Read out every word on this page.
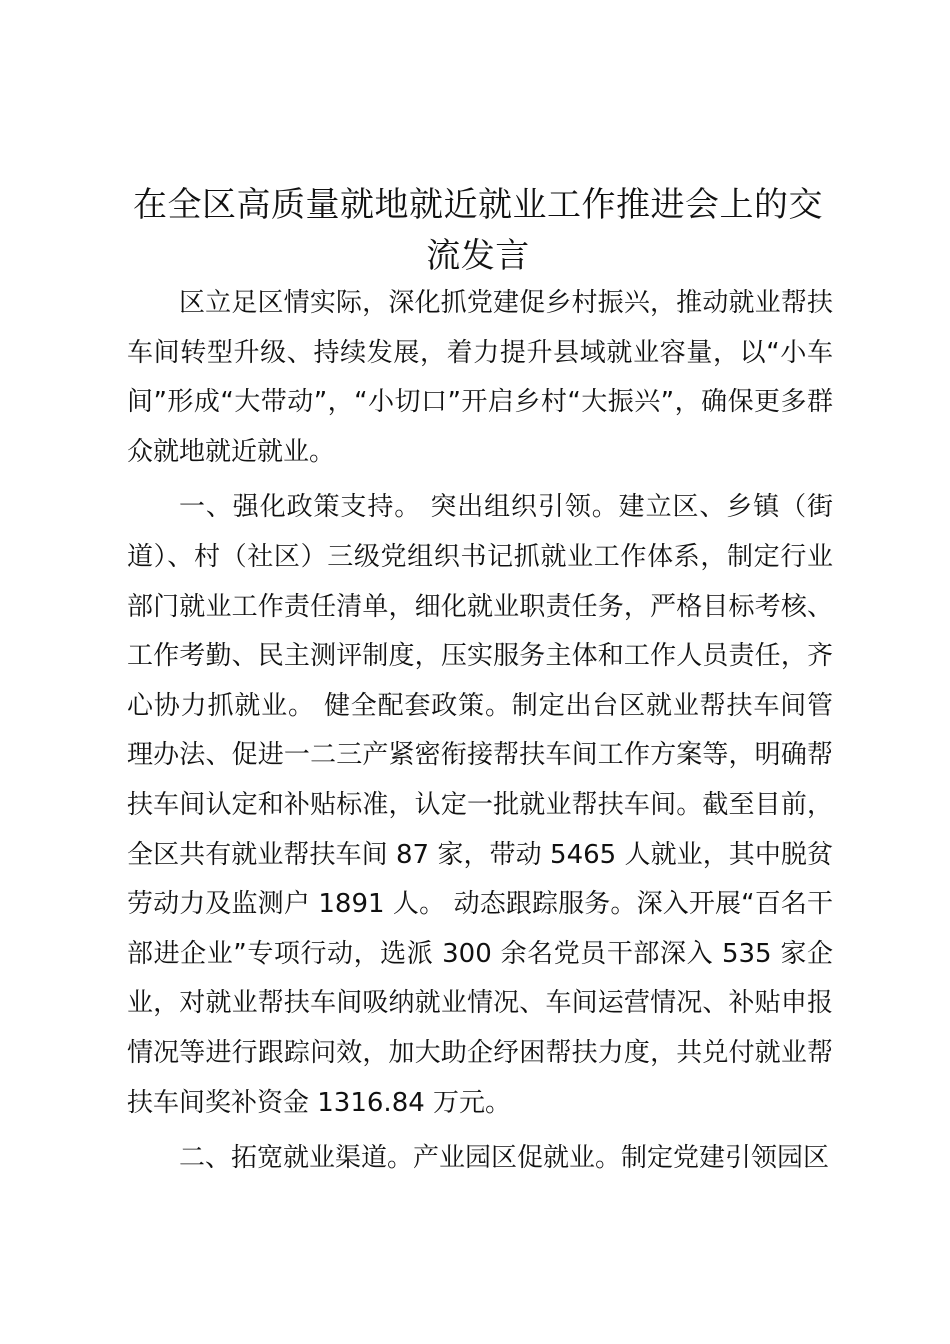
在全区高质量就地就近就业工作推进会上的交流发言

区立足区情实际，深化抓党建促乡村振兴，推动就业帮扶车间转型升级、持续发展，着力提升县域就业容量，以“小车间”形成“大带动”，“小切口”开启乡村“大振兴”，确保更多群众就地就近就业。

一、强化政策支持。 突出组织引领。建立区、乡镇（街道）、村（社区）三级党组织书记抓就业工作体系，制定行业部门就业工作责任清单，细化就业职责任务，严格目标考核、工作考勤、民主测评制度，压实服务主体和工作人员责任，齐心协力抓就业。 健全配套政策。制定出台区就业帮扶车间管理办法、促进一二三产紧密衔接帮扶车间工作方案等，明确帮扶车间认定和补贴标准，认定一批就业帮扶车间。截至目前，全区共有就业帮扶车间 87 家，带动 5465 人就业，其中脱贫劳动力及监测户 1891 人。 动态跟踪服务。深入开展“百名干部进企业”专项行动，选派 300 余名党员干部深入 535 家企业，对就业帮扶车间吸纳就业情况、车间运营情况、补贴申报情况等进行跟踪问效，加大助企纾困帮扶力度，共兑付就业帮扶车间奖补资金 1316.84 万元。

二、拓宽就业渠道。产业园区促就业。制定党建引领园区
